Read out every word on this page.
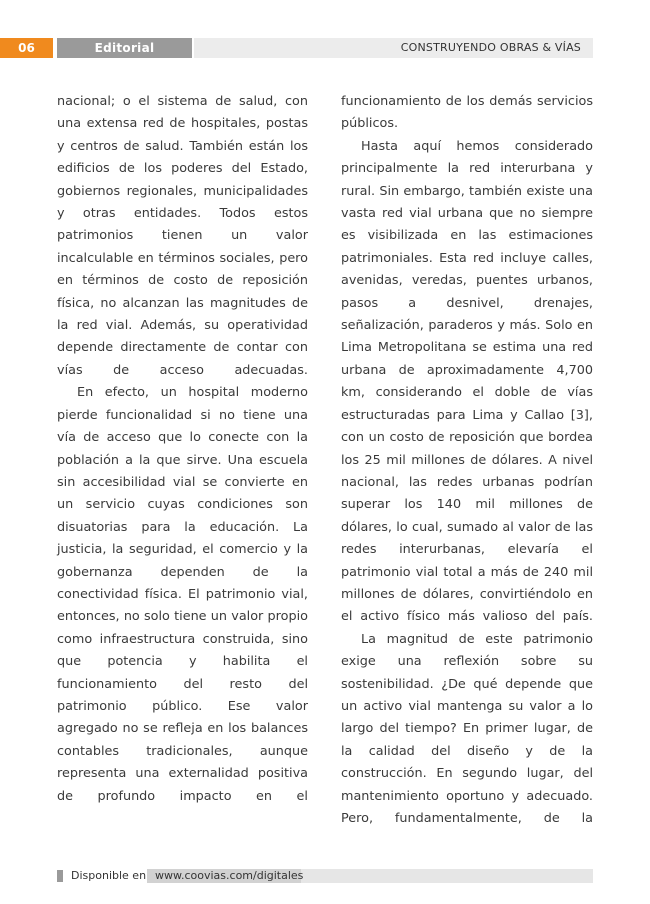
06	Editorial	CONSTRUYENDO OBRAS & VÍAS

nacional; o el sistema de salud, con una extensa red de hospitales, postas y centros de salud. También están los edificios de los poderes del Estado, gobiernos regionales, municipalidades y otras entidades. Todos estos patrimonios tienen un valor incalculable en términos sociales, pero en términos de costo de reposición física, no alcanzan las magnitudes de la red vial. Además, su operatividad depende directamente de contar con vías de acceso adecuadas.

En efecto, un hospital moderno pierde funcionalidad si no tiene una vía de acceso que lo conecte con la población a la que sirve. Una escuela sin accesibilidad vial se convierte en un servicio cuyas condiciones son disuatorias para la educación. La justicia, la seguridad, el comercio y la gobernanza dependen de la conectividad física. El patrimonio vial, entonces, no solo tiene un valor propio como infraestructura construida, sino que potencia y habilita el funcionamiento del resto del patrimonio público. Ese valor agregado no se refleja en los balances contables tradicionales, aunque representa una externalidad positiva de profundo impacto en el

funcionamiento de los demás servicios públicos.

Hasta aquí hemos considerado principalmente la red interurbana y rural. Sin embargo, también existe una vasta red vial urbana que no siempre es visibilizada en las estimaciones patrimoniales. Esta red incluye calles, avenidas, veredas, puentes urbanos, pasos a desnivel, drenajes, señalización, paraderos y más. Solo en Lima Metropolitana se estima una red urbana de aproximadamente 4,700 km, considerando el doble de vías estructuradas para Lima y Callao [3], con un costo de reposición que bordea los 25 mil millones de dólares. A nivel nacional, las redes urbanas podrían superar los 140 mil millones de dólares, lo cual, sumado al valor de las redes interurbanas, elevaría el patrimonio vial total a más de 240 mil millones de dólares, convirtiéndolo en el activo físico más valioso del país.

La magnitud de este patrimonio exige una reflexión sobre su sostenibilidad. ¿De qué depende que un activo vial mantenga su valor a lo largo del tiempo? En primer lugar, de la calidad del diseño y de la construcción. En segundo lugar, del mantenimiento oportuno y adecuado. Pero, fundamentalmente, de la

Disponible en www.coovias.com/digitales
